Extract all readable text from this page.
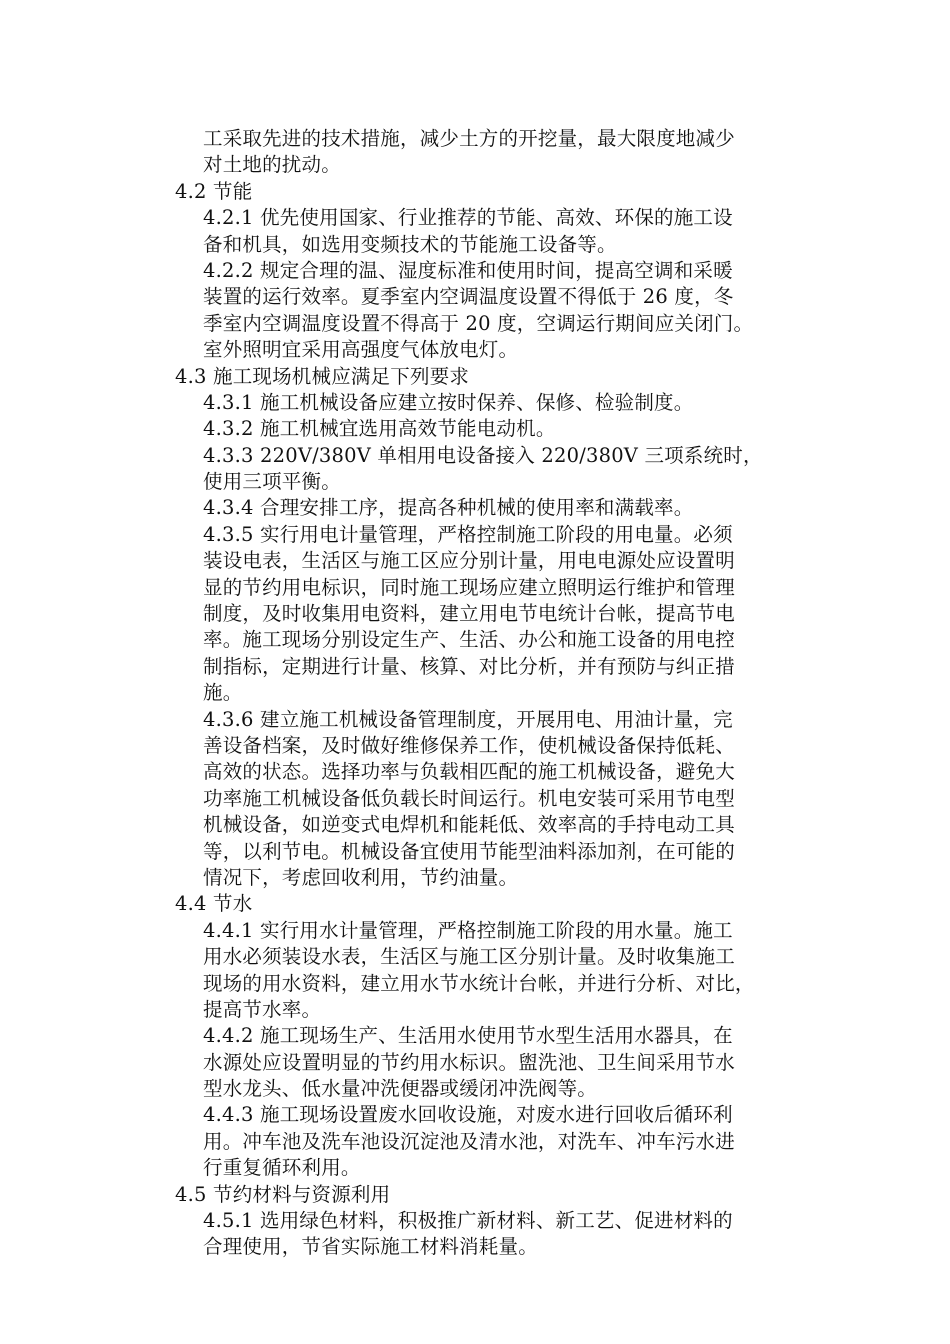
工采取先进的技术措施，减少土方的开挖量，最大限度地减少
对土地的扰动。
4.2 节能
4.2.1 优先使用国家、行业推荐的节能、高效、环保的施工设
备和机具，如选用变频技术的节能施工设备等。
4.2.2 规定合理的温、湿度标准和使用时间，提高空调和采暖
装置的运行效率。夏季室内空调温度设置不得低于 26 度，冬
季室内空调温度设置不得高于 20 度，空调运行期间应关闭门。
室外照明宜采用高强度气体放电灯。
4.3 施工现场机械应满足下列要求
4.3.1 施工机械设备应建立按时保养、保修、检验制度。
4.3.2 施工机械宜选用高效节能电动机。
4.3.3 220V/380V 单相用电设备接入 220/380V 三项系统时，
使用三项平衡。
4.3.4 合理安排工序，提高各种机械的使用率和满载率。
4.3.5 实行用电计量管理，严格控制施工阶段的用电量。必须
装设电表，生活区与施工区应分别计量，用电电源处应设置明
显的节约用电标识，同时施工现场应建立照明运行维护和管理
制度，及时收集用电资料，建立用电节电统计台帐，提高节电
率。施工现场分别设定生产、生活、办公和施工设备的用电控
制指标，定期进行计量、核算、对比分析，并有预防与纠正措
施。
4.3.6 建立施工机械设备管理制度，开展用电、用油计量，完
善设备档案，及时做好维修保养工作，使机械设备保持低耗、
高效的状态。选择功率与负载相匹配的施工机械设备，避免大
功率施工机械设备低负载长时间运行。机电安装可采用节电型
机械设备，如逆变式电焊机和能耗低、效率高的手持电动工具
等，以利节电。机械设备宜使用节能型油料添加剂，在可能的
情况下，考虑回收利用，节约油量。
4.4 节水
4.4.1 实行用水计量管理，严格控制施工阶段的用水量。施工
用水必须装设水表，生活区与施工区分别计量。及时收集施工
现场的用水资料，建立用水节水统计台帐，并进行分析、对比，
提高节水率。
4.4.2 施工现场生产、生活用水使用节水型生活用水器具，在
水源处应设置明显的节约用水标识。盥洗池、卫生间采用节水
型水龙头、低水量冲洗便器或缓闭冲洗阀等。
4.4.3 施工现场设置废水回收设施，对废水进行回收后循环利
用。冲车池及洗车池设沉淀池及清水池，对洗车、冲车污水进
行重复循环利用。
4.5 节约材料与资源利用
4.5.1 选用绿色材料，积极推广新材料、新工艺、促进材料的
合理使用，节省实际施工材料消耗量。
